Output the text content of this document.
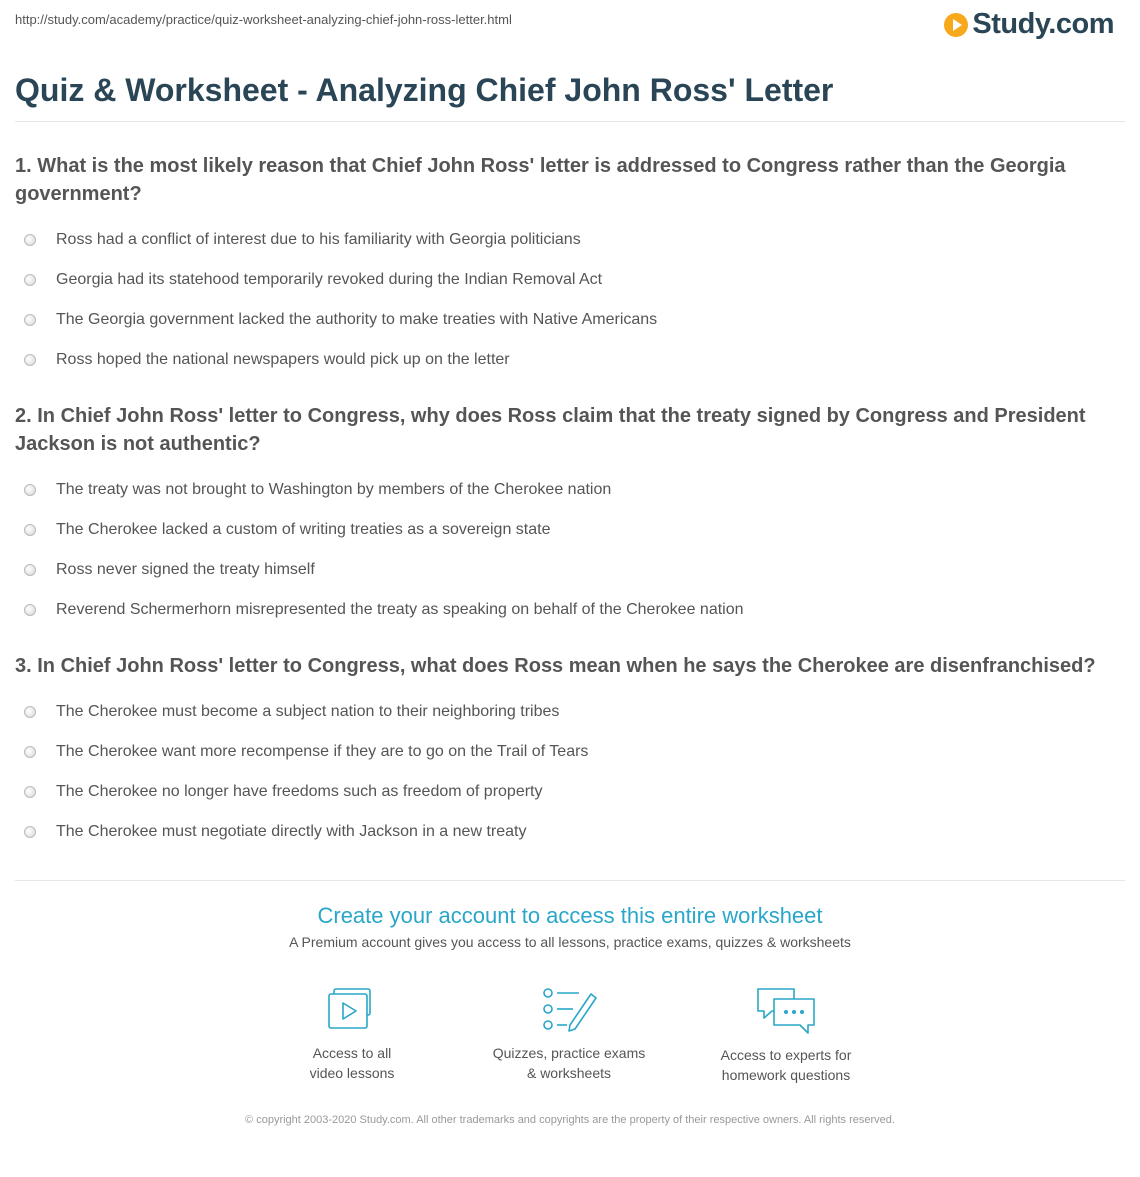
http://study.com/academy/practice/quiz-worksheet-analyzing-chief-john-ross-letter.html	Study.com
Quiz & Worksheet - Analyzing Chief John Ross' Letter

1. What is the most likely reason that Chief John Ross' letter is addressed to Congress rather than the Georgia government?

Ross had a conflict of interest due to his familiarity with Georgia politicians
Georgia had its statehood temporarily revoked during the Indian Removal Act
The Georgia government lacked the authority to make treaties with Native Americans
Ross hoped the national newspapers would pick up on the letter

2. In Chief John Ross' letter to Congress, why does Ross claim that the treaty signed by Congress and President Jackson is not authentic?

The treaty was not brought to Washington by members of the Cherokee nation
The Cherokee lacked a custom of writing treaties as a sovereign state
Ross never signed the treaty himself
Reverend Schermerhorn misrepresented the treaty as speaking on behalf of the Cherokee nation

3. In Chief John Ross' letter to Congress, what does Ross mean when he says the Cherokee are disenfranchised?

The Cherokee must become a subject nation to their neighboring tribes
The Cherokee want more recompense if they are to go on the Trail of Tears
The Cherokee no longer have freedoms such as freedom of property
The Cherokee must negotiate directly with Jackson in a new treaty
Create your account to access this entire worksheet
A Premium account gives you access to all lessons, practice exams, quizzes & worksheets
Access to all
video lessons
Quizzes, practice exams
& worksheets
Access to experts for
homework questions
© copyright 2003-2020 Study.com. All other trademarks and copyrights are the property of their respective owners. All rights reserved.
